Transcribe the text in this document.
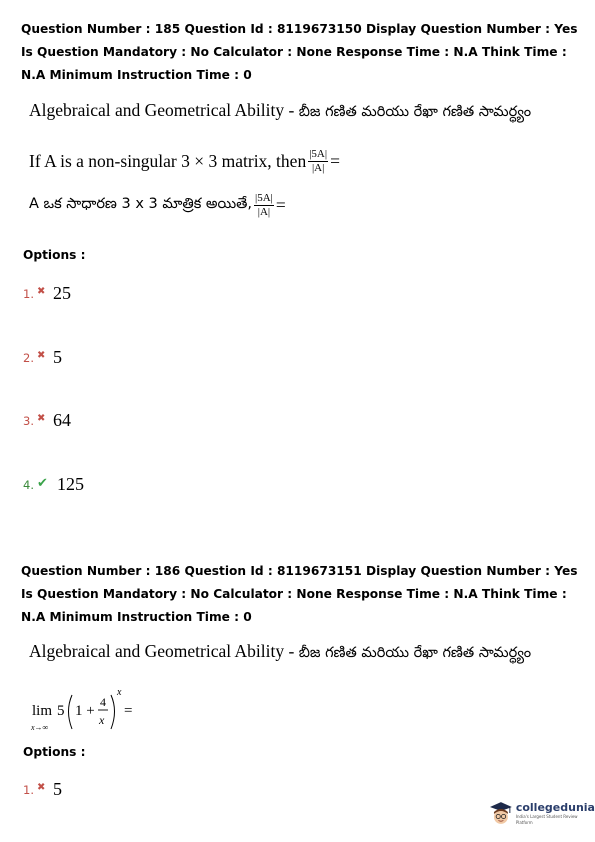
Question Number : 185 Question Id : 8119673150 Display Question Number : Yes Is Question Mandatory : No Calculator : None Response Time : N.A Think Time : N.A Minimum Instruction Time : 0

Algebraical and Geometrical Ability - బీజ గణిత మరియు రేఖా గణిత సామర్ధ్యం
If A is a non-singular 3 × 3 matrix, then $\frac{|5A|}{|A|}$ =
A ఒక సాధారణ 3 x 3 మాత్రిక అయితే, $\frac{|5A|}{|A|}$ =
Options :
1. ✖ 25
2. ✖ 5
3. ✖ 64
4. ✔ 125

Question Number : 186 Question Id : 8119673151 Display Question Number : Yes Is Question Mandatory : No Calculator : None Response Time : N.A Think Time : N.A Minimum Instruction Time : 0

Algebraical and Geometrical Ability - బీజ గణిత మరియు రేఖా గణిత సామర్ధ్యం
lim
x→∞
5 1 +
4
x
x
=
Options :
1. ✖ 5
collegedunia
India's Largest Student Review Platform
